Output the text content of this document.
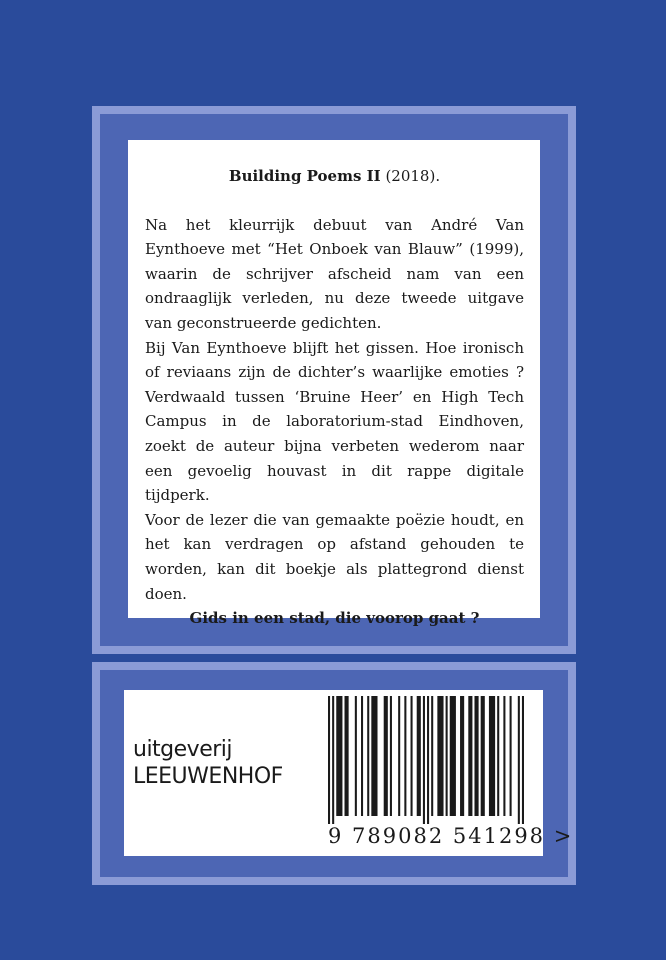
Building Poems II (2018).

Na het kleurrijk debuut van André Van Eynthoeve met “Het Onboek van Blauw” (1999), waarin de schrijver afscheid nam van een ondraaglijk verleden, nu deze tweede uitgave van geconstrueerde gedichten.

Bij Van Eynthoeve blijft het gissen. Hoe ironisch of reviaans zijn de dichter’s waarlijke emoties ? Verdwaald tussen ‘Bruine Heer’ en High Tech Campus in de laboratorium-stad Eindhoven, zoekt de auteur bijna verbeten wederom naar een gevoelig houvast in dit rappe digitale tijdperk.

Voor de lezer die van gemaakte poëzie houdt, en het kan verdragen op afstand gehouden te worden, kan dit boekje als plattegrond dienst doen.

Gids in een stad, die voorop gaat ?

uitgeverij
LEEUWENHOF
9 789082 541298 >
